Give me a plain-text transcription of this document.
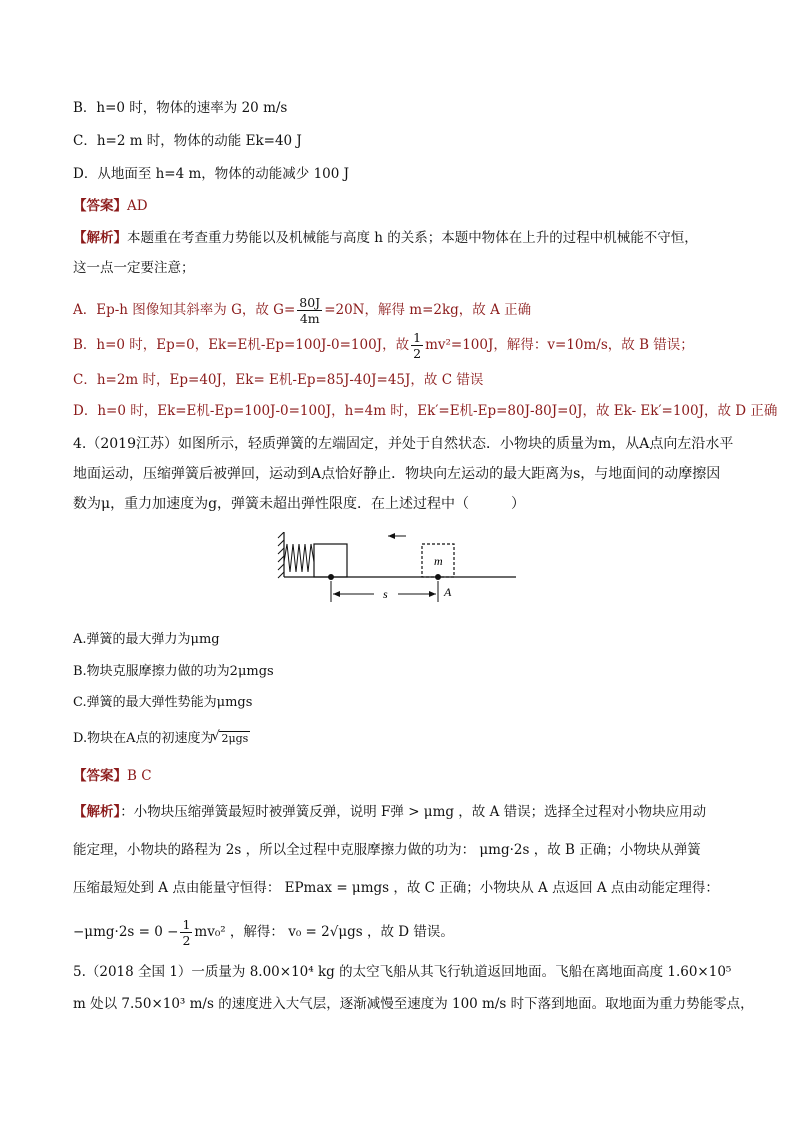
B．h=0 时，物体的速率为 20 m/s
C．h=2 m 时，物体的动能 Ek=40 J
D．从地面至 h=4 m，物体的动能减少 100 J
【答案】AD
【解析】本题重在考查重力势能以及机械能与高度 h 的关系；本题中物体在上升的过程中机械能不守恒，
这一点一定要注意；
A．Ep-h 图像知其斜率为 G，故 $G= \frac{80J}{4m} =20N$，解得 m=2kg，故 A 正确
B．h=0 时，Ep=0，Ek=E机-Ep=100J-0=100J，故 $\frac{1}{2} mv^2=100J$，解得：v=10m/s，故 B 错误；
C．h=2m 时，Ep=40J，Ek= E机-Ep=85J-40J=45J，故 C 错误
D．h=0 时，Ek=E机-Ep=100J-0=100J，h=4m 时，Ek′=E机-Ep=80J-80J=0J，故 Ek- Ek′=100J，故 D 正确
4.（2019江苏）如图所示，轻质弹簧的左端固定，并处于自然状态．小物块的质量为m，从A点向左沿水平
地面运动，压缩弹簧后被弹回，运动到A点恰好静止．物块向左运动的最大距离为s，与地面间的动摩擦因
数为μ，重力加速度为g，弹簧未超出弹性限度．在上述过程中（　　　）
m
s	A
A.弹簧的最大弹力为μmg
B.物块克服摩擦力做的功为2μmgs
C.弹簧的最大弹性势能为μmgs
D.物块在A点的初速度为√ 2μgs
【答案】B C
【解析】：小物块压缩弹簧最短时被弹簧反弹，说明 F弹 > μmg ，故 A 错误；选择全过程对小物块应用动
能定理，小物块的路程为 2s ，所以全过程中克服摩擦力做的功为： μmg·2s ，故 B 正确；小物块从弹簧
压缩最短处到 A 点由能量守恒得： EPmax = μmgs ，故 C 正确；小物块从 A 点返回 A 点由动能定理得：
$-\mu mg\cdot 2s = 0 - \frac{1}{2} mv_0^2$ ，解得： v₀ = 2√μgs ，故 D 错误。
5.（2018 全国 1）一质量为 8.00×10⁴ kg 的太空飞船从其飞行轨道返回地面。飞船在离地面高度 1.60×10⁵
m 处以 7.50×10³ m/s 的速度进入大气层，逐渐减慢至速度为 100 m/s 时下落到地面。取地面为重力势能零点，
